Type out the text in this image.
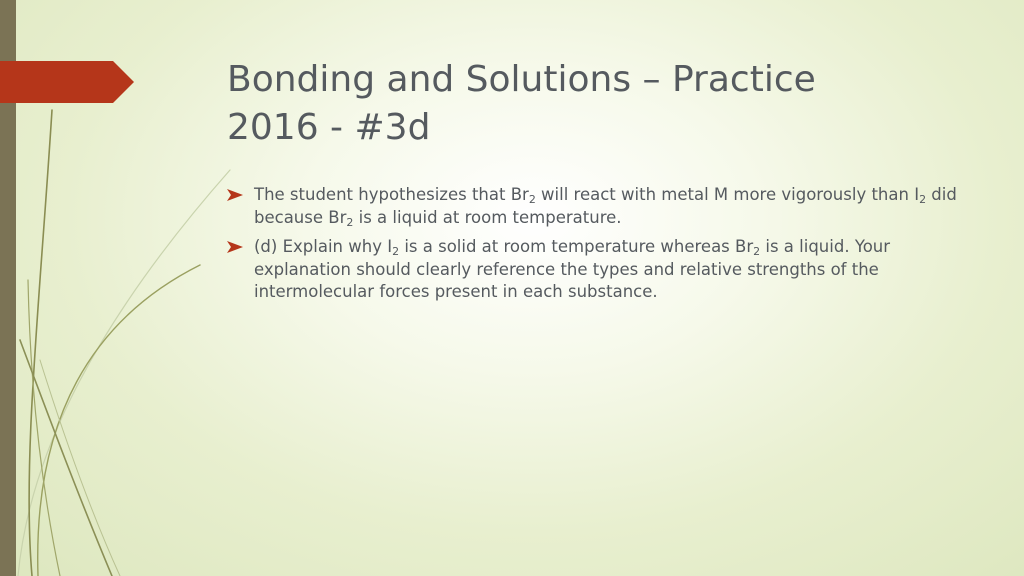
Bonding and Solutions – Practice
2016 - #3d
The student hypothesizes that $Br_2$ will react with metal M more vigorously than $I_2$ did because $Br_2$ is a liquid at room temperature.
(d) Explain why $I_2$ is a solid at room temperature whereas $Br_2$ is a liquid. Your explanation should clearly reference the types and relative strengths of the intermolecular forces present in each substance.
